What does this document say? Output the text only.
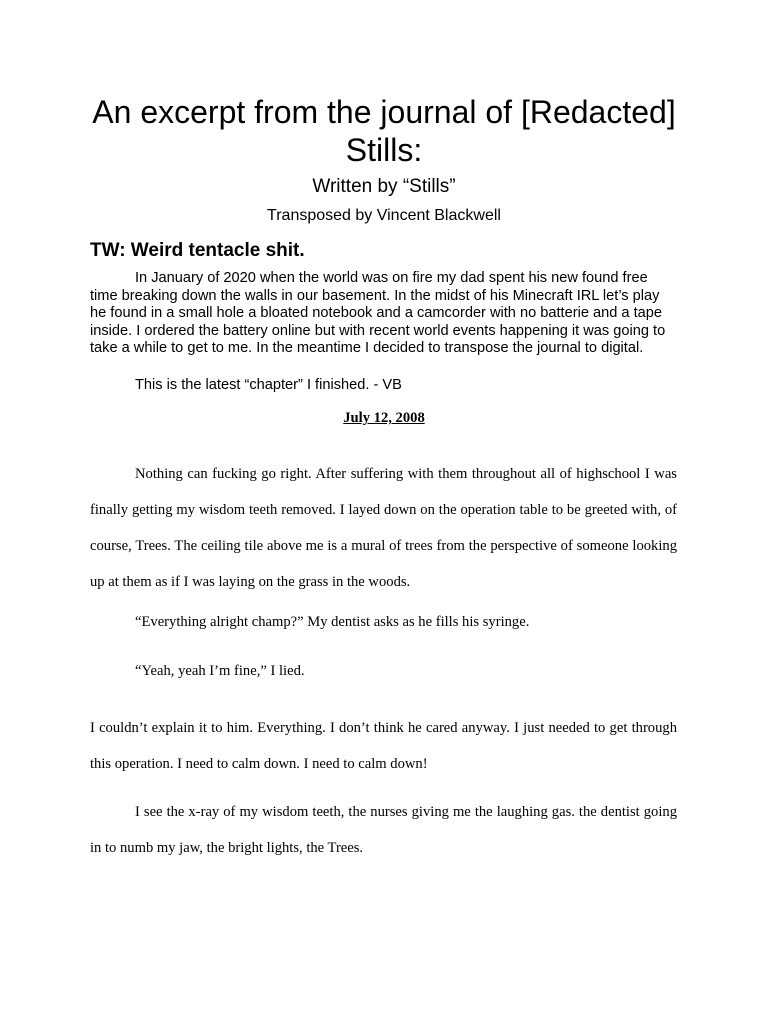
An excerpt from the journal of [Redacted] Stills:

Written by “Stills”

Transposed by Vincent Blackwell

TW: Weird tentacle shit.

In January of 2020 when the world was on fire my dad spent his new found free time breaking down the walls in our basement. In the midst of his Minecraft IRL let’s play he found in a small hole a bloated notebook and a camcorder with no batterie and a tape inside. I ordered the battery online but with recent world events happening it was going to take a while to get to me. In the meantime I decided to transpose the journal to digital.

This is the latest “chapter” I finished. - VB

July 12, 2008

Nothing can fucking go right. After suffering with them throughout all of highschool I was finally getting my wisdom teeth removed. I layed down on the operation table to be greeted with, of course, Trees. The ceiling tile above me is a mural of trees from the perspective of someone looking up at them as if I was laying on the grass in the woods.

“Everything alright champ?” My dentist asks as he fills his syringe.

“Yeah, yeah I’m fine,” I lied.

I couldn’t explain it to him. Everything. I don’t think he cared anyway. I just needed to get through this operation. I need to calm down. I need to calm down!

I see the x-ray of my wisdom teeth, the nurses giving me the laughing gas. the dentist going in to numb my jaw, the bright lights, the Trees.
